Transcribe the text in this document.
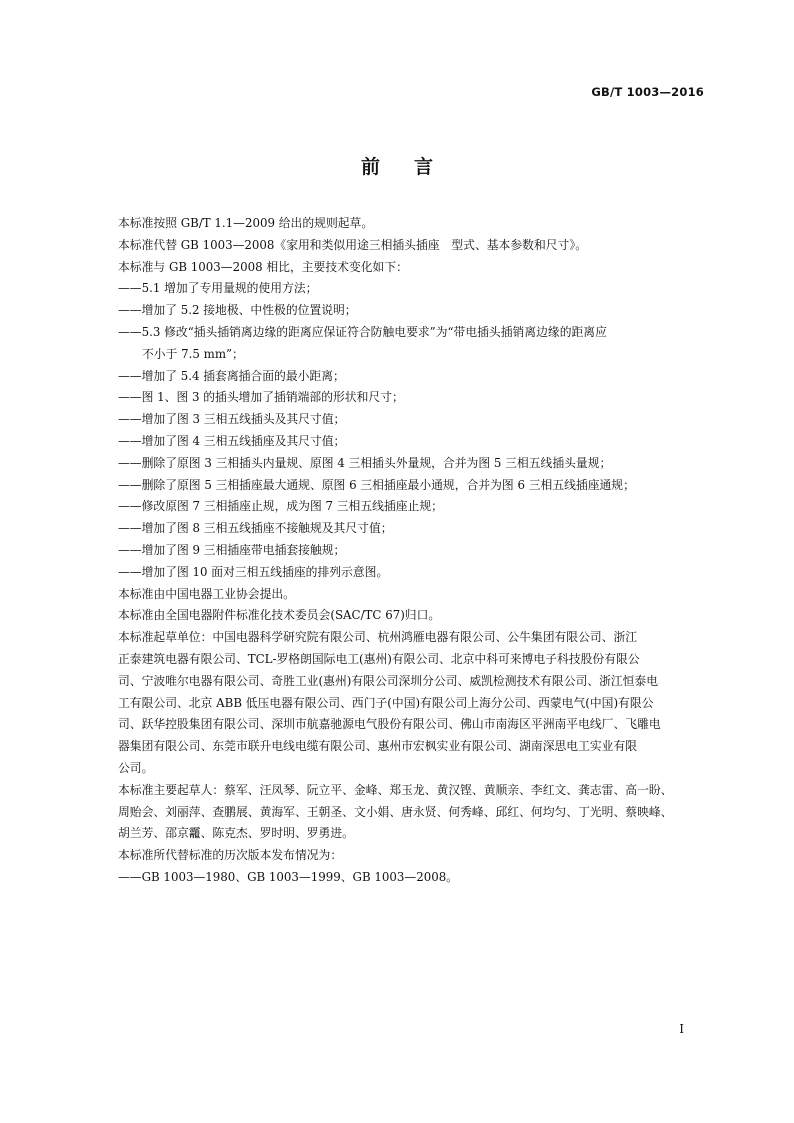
GB/T 1003—2016
前 言

本标准按照 GB/T 1.1—2009 给出的规则起草。

本标准代替 GB 1003—2008《家用和类似用途三相插头插座　型式、基本参数和尺寸》。

本标准与 GB 1003—2008 相比，主要技术变化如下：

——5.1 增加了专用量规的使用方法；

——增加了 5.2 接地极、中性极的位置说明；

——5.3 修改“插头插销离边缘的距离应保证符合防触电要求”为“带电插头插销离边缘的距离应

不小于 7.5 mm”；

——增加了 5.4 插套离插合面的最小距离；

——图 1、图 3 的插头增加了插销端部的形状和尺寸；

——增加了图 3 三相五线插头及其尺寸值；

——增加了图 4 三相五线插座及其尺寸值；

——删除了原图 3 三相插头内量规、原图 4 三相插头外量规，合并为图 5 三相五线插头量规；

——删除了原图 5 三相插座最大通规、原图 6 三相插座最小通规，合并为图 6 三相五线插座通规；

——修改原图 7 三相插座止规，成为图 7 三相五线插座止规；

——增加了图 8 三相五线插座不接触规及其尺寸值；

——增加了图 9 三相插座带电插套接触规；

——增加了图 10 面对三相五线插座的排列示意图。

本标准由中国电器工业协会提出。

本标准由全国电器附件标准化技术委员会(SAC/TC 67)归口。

本标准起草单位：中国电器科学研究院有限公司、杭州鸿雁电器有限公司、公牛集团有限公司、浙江

正泰建筑电器有限公司、TCL-罗格朗国际电工(惠州)有限公司、北京中科可来博电子科技股份有限公

司、宁波唯尔电器有限公司、奇胜工业(惠州)有限公司深圳分公司、威凯检测技术有限公司、浙江恒泰电

工有限公司、北京 ABB 低压电器有限公司、西门子(中国)有限公司上海分公司、西蒙电气(中国)有限公

司、跃华控股集团有限公司、深圳市航嘉驰源电气股份有限公司、佛山市南海区平洲南平电线厂、飞雕电

器集团有限公司、东莞市联升电线电缆有限公司、惠州市宏枫实业有限公司、湖南深思电工实业有限

公司。

本标准主要起草人：蔡军、汪凤琴、阮立平、金峰、郑玉龙、黄汉铿、黄顺亲、李红文、龚志雷、高一盼、

周贻会、刘丽萍、查鹏展、黄海军、王朝圣、文小娟、唐永贤、何秀峰、邱红、何均匀、丁光明、蔡映峰、

胡兰芳、邵京龗、陈克杰、罗时明、罗勇进。

本标准所代替标准的历次版本发布情况为：

——GB 1003—1980、GB 1003—1999、GB 1003—2008。

I
